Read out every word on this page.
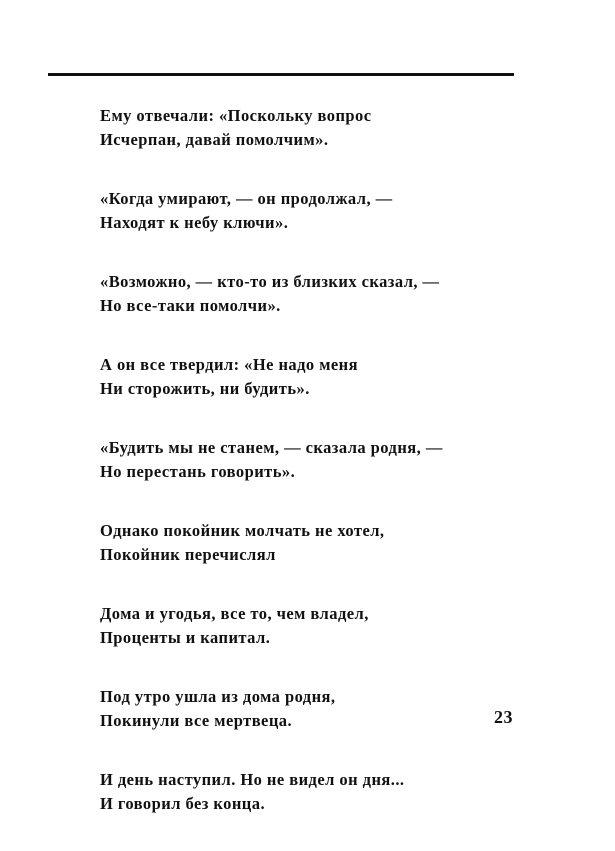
Ему отвечали: «Поскольку вопрос
Исчерпан, давай помолчим».
«Когда умирают, — он продолжал, —
Находят к небу ключи».
«Возможно, — кто-то из близких сказал, —
Но все-таки помолчи».
А он все твердил: «Не надо меня
Ни сторожить, ни будить».
«Будить мы не станем, — сказала родня, —
Но перестань говорить».
Однако покойник молчать не хотел,
Покойник перечислял
Дома и угодья, все то, чем владел,
Проценты и капитал.
Под утро ушла из дома родня,
Покинули все мертвеца.
И день наступил. Но не видел он дня...
И говорил без конца.
23
